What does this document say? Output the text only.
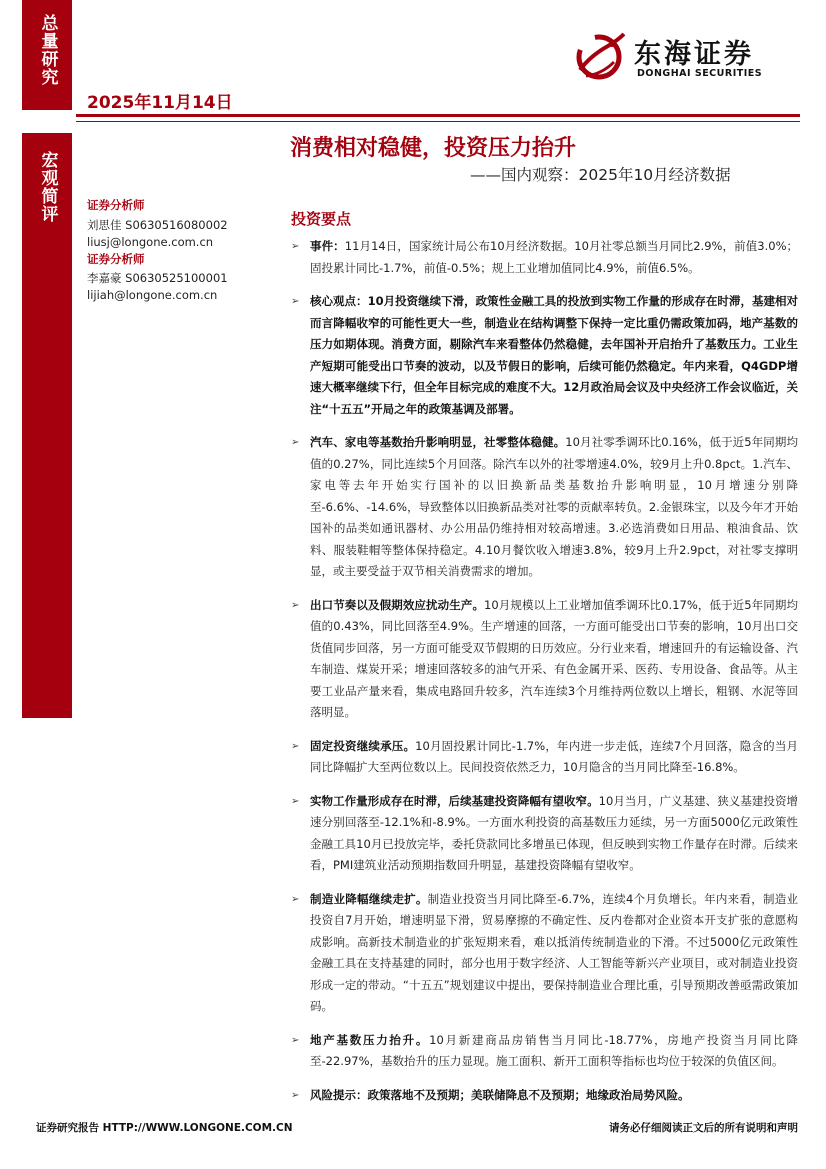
总量研究
宏观简评
东海证券
DONGHAI SECURITIES
2025年11月14日
消费相对稳健，投资压力抬升
——国内观察：2025年10月经济数据
证券分析师
刘思佳 S0630516080002
liusj@longone.com.cn
证券分析师
李嘉豪 S0630525100001
lijiah@longone.com.cn
投资要点
➢ 事件：11月14日，国家统计局公布10月经济数据。10月社零总额当月同比2.9%，前值3.0%；固投累计同比-1.7%，前值-0.5%；规上工业增加值同比4.9%，前值6.5%。
➢ 核心观点：10月投资继续下滑，政策性金融工具的投放到实物工作量的形成存在时滞，基建相对而言降幅收窄的可能性更大一些，制造业在结构调整下保持一定比重仍需政策加码，地产基数的压力如期体现。消费方面，剔除汽车来看整体仍然稳健，去年国补开启抬升了基数压力。工业生产短期可能受出口节奏的波动，以及节假日的影响，后续可能仍然稳定。年内来看，Q4GDP增速大概率继续下行，但全年目标完成的难度不大。12月政治局会议及中央经济工作会议临近，关注“十五五”开局之年的政策基调及部署。
➢ 汽车、家电等基数抬升影响明显，社零整体稳健。10月社零季调环比0.16%，低于近5年同期均值的0.27%，同比连续5个月回落。除汽车以外的社零增速4.0%，较9月上升0.8pct。1.汽车、家电等去年开始实行国补的以旧换新品类基数抬升影响明显，10月增速分别降至-6.6%、-14.6%，导致整体以旧换新品类对社零的贡献率转负。2.金银珠宝，以及今年才开始国补的品类如通讯器材、办公用品仍维持相对较高增速。3.必选消费如日用品、粮油食品、饮料、服装鞋帽等整体保持稳定。4.10月餐饮收入增速3.8%，较9月上升2.9pct，对社零支撑明显，或主要受益于双节相关消费需求的增加。
➢ 出口节奏以及假期效应扰动生产。10月规模以上工业增加值季调环比0.17%，低于近5年同期均值的0.43%，同比回落至4.9%。生产增速的回落，一方面可能受出口节奏的影响，10月出口交货值同步回落，另一方面可能受双节假期的日历效应。分行业来看，增速回升的有运输设备、汽车制造、煤炭开采；增速回落较多的油气开采、有色金属开采、医药、专用设备、食品等。从主要工业品产量来看，集成电路回升较多，汽车连续3个月维持两位数以上增长，粗钢、水泥等回落明显。
➢ 固定投资继续承压。10月固投累计同比-1.7%，年内进一步走低，连续7个月回落，隐含的当月同比降幅扩大至两位数以上。民间投资依然乏力，10月隐含的当月同比降至-16.8%。
➢ 实物工作量形成存在时滞，后续基建投资降幅有望收窄。10月当月，广义基建、狭义基建投资增速分别回落至-12.1%和-8.9%。一方面水利投资的高基数压力延续，另一方面5000亿元政策性金融工具10月已投放完毕，委托贷款同比多增虽已体现，但反映到实物工作量存在时滞。后续来看，PMI建筑业活动预期指数回升明显，基建投资降幅有望收窄。
➢ 制造业降幅继续走扩。制造业投资当月同比降至-6.7%，连续4个月负增长。年内来看，制造业投资自7月开始，增速明显下滑，贸易摩擦的不确定性、反内卷都对企业资本开支扩张的意愿构成影响。高新技术制造业的扩张短期来看，难以抵消传统制造业的下滑。不过5000亿元政策性金融工具在支持基建的同时，部分也用于数字经济、人工智能等新兴产业项目，或对制造业投资形成一定的带动。“十五五”规划建议中提出，要保持制造业合理比重，引导预期改善亟需政策加码。
➢ 地产基数压力抬升。10月新建商品房销售当月同比-18.77%，房地产投资当月同比降至-22.97%，基数抬升的压力显现。施工面积、新开工面积等指标也均位于较深的负值区间。
➢ 风险提示：政策落地不及预期；美联储降息不及预期；地缘政治局势风险。
证券研究报告 HTTP://WWW.LONGONE.COM.CN	请务必仔细阅读正文后的所有说明和声明
